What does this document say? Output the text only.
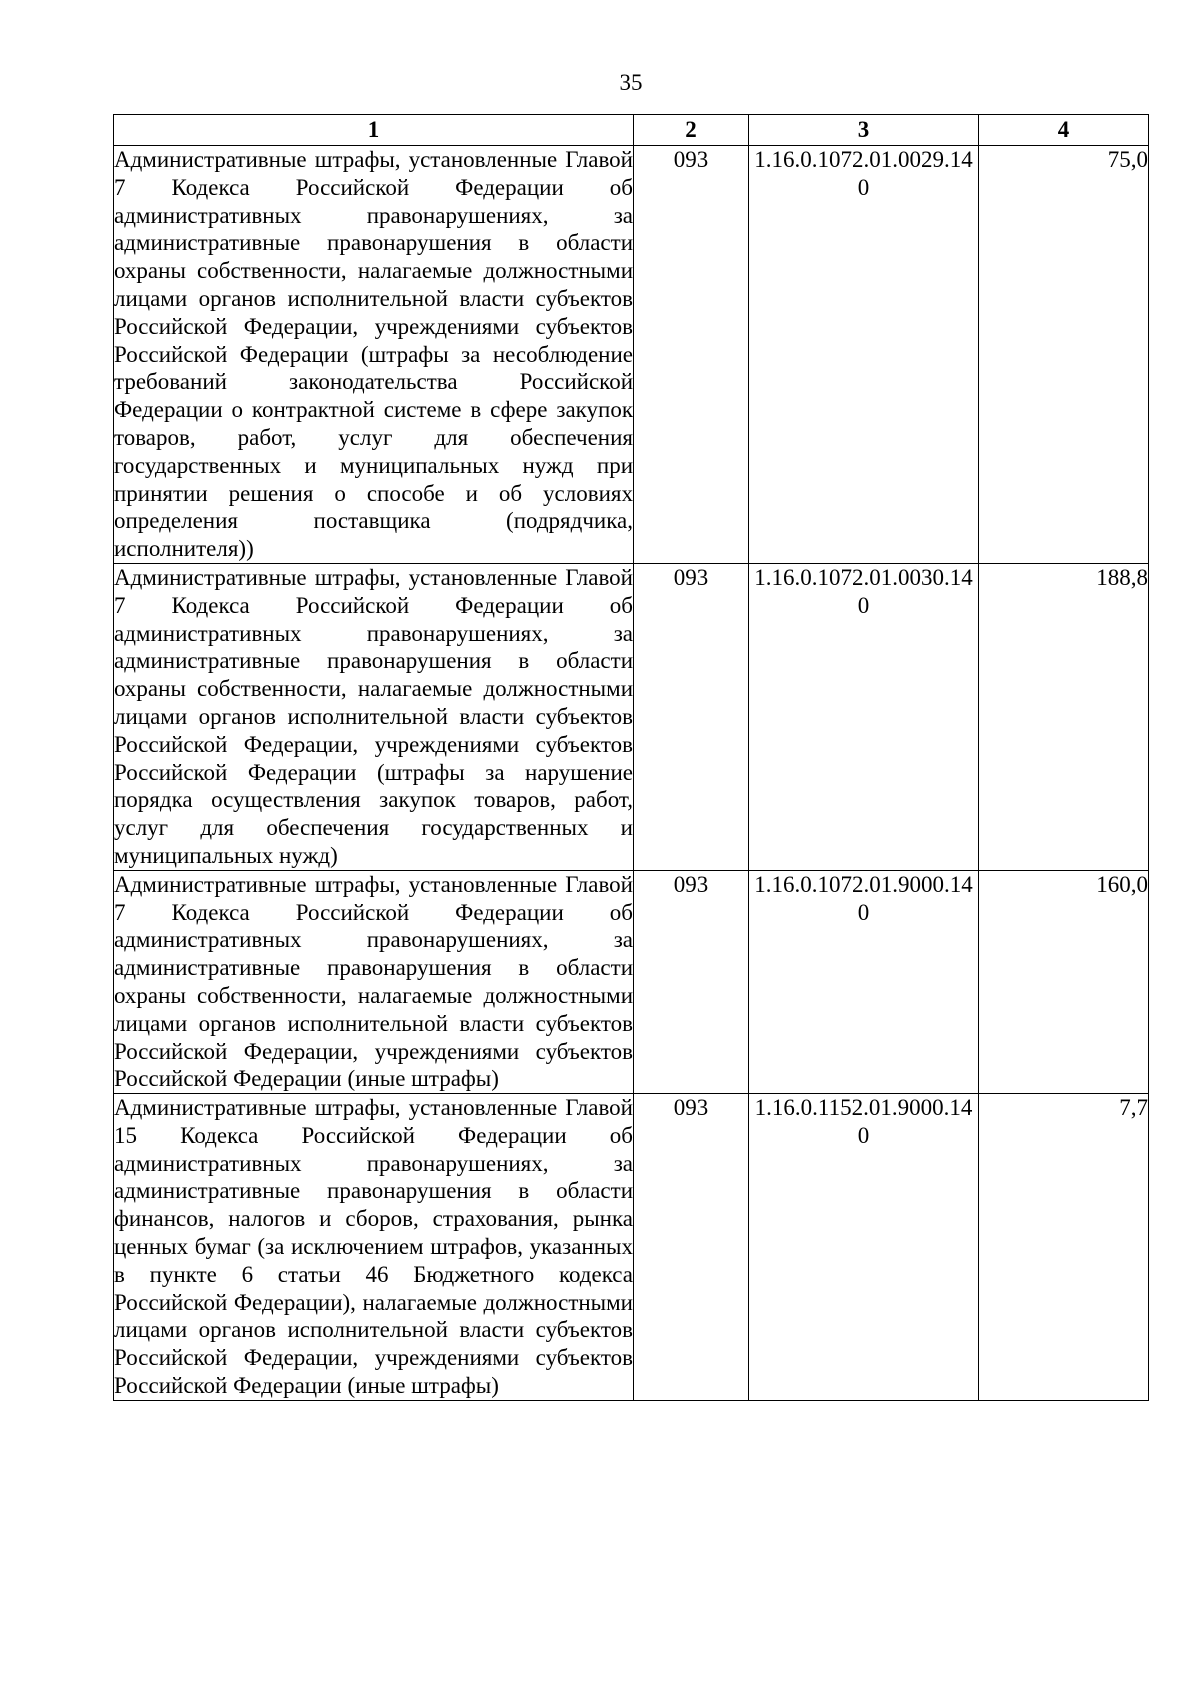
35
1	2	3	4

Административные штрафы, установленные Главой 7 Кодекса Российской Федерации об административных правонарушениях, за административные правонарушения в области охраны собственности, налагаемые должностными лицами органов исполнительной власти субъектов Российской Федерации, учреждениями субъектов Российской Федерации (штрафы за несоблюдение требований законодательства Российской Федерации о контрактной системе в сфере закупок товаров, работ, услуг для обеспечения государственных и муниципальных нужд при принятии решения о способе и об условиях определения поставщика (подрядчика, исполнителя))	093	1.16.0.1072.01.0029.140	75,0

Административные штрафы, установленные Главой 7 Кодекса Российской Федерации об административных правонарушениях, за административные правонарушения в области охраны собственности, налагаемые должностными лицами органов исполнительной власти субъектов Российской Федерации, учреждениями субъектов Российской Федерации (штрафы за нарушение порядка осуществления закупок товаров, работ, услуг для обеспечения государственных и муниципальных нужд)	093	1.16.0.1072.01.0030.140	188,8

Административные штрафы, установленные Главой 7 Кодекса Российской Федерации об административных правонарушениях, за административные правонарушения в области охраны собственности, налагаемые должностными лицами органов исполнительной власти субъектов Российской Федерации, учреждениями субъектов Российской Федерации (иные штрафы)	093	1.16.0.1072.01.9000.140	160,0

Административные штрафы, установленные Главой 15 Кодекса Российской Федерации об административных правонарушениях, за административные правонарушения в области финансов, налогов и сборов, страхования, рынка ценных бумаг (за исключением штрафов, указанных в пункте 6 статьи 46 Бюджетного кодекса Российской Федерации), налагаемые должностными лицами органов исполнительной власти субъектов Российской Федерации, учреждениями субъектов Российской Федерации (иные штрафы)	093	1.16.0.1152.01.9000.140	7,7
